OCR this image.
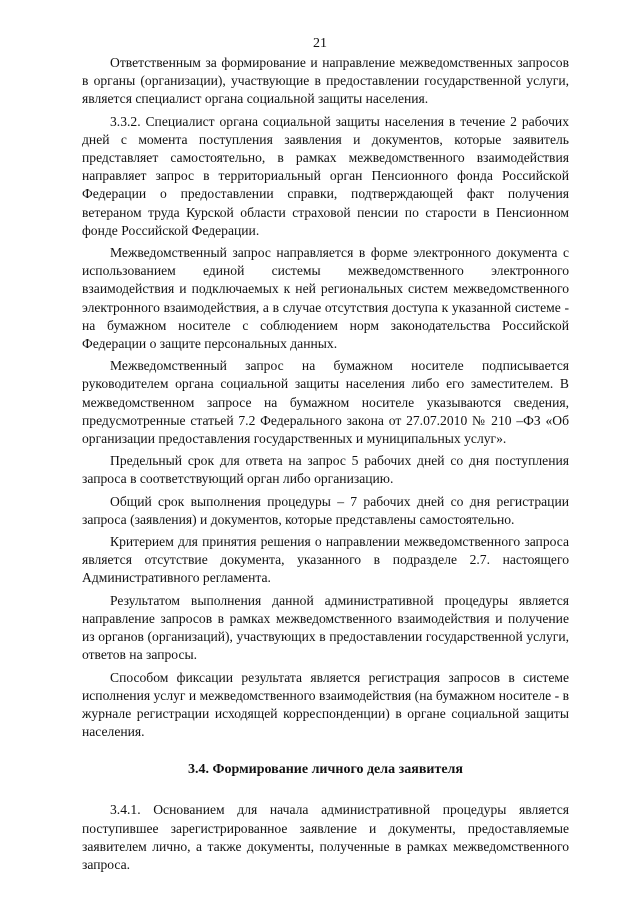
21

Ответственным за формирование и направление межведомственных запросов в органы (организации), участвующие в предоставлении государственной услуги, является специалист органа социальной защиты населения.

3.3.2. Специалист органа социальной защиты населения в течение 2 рабочих дней с момента поступления заявления и документов, которые заявитель представляет самостоятельно, в рамках межведомственного взаимодействия направляет запрос в территориальный орган Пенсионного фонда Российской Федерации о предоставлении справки, подтверждающей факт получения ветераном труда Курской области страховой пенсии по старости в Пенсионном фонде Российской Федерации.

Межведомственный запрос направляется в форме электронного документа с использованием единой системы межведомственного электронного взаимодействия и подключаемых к ней региональных систем межведомственного электронного взаимодействия, а в случае отсутствия доступа к указанной системе - на бумажном носителе с соблюдением норм законодательства Российской Федерации о защите персональных данных.

Межведомственный запрос на бумажном носителе подписывается руководителем органа социальной защиты населения либо его заместителем. В межведомственном запросе на бумажном носителе указываются сведения, предусмотренные статьей 7.2 Федерального закона от 27.07.2010 № 210 –ФЗ «Об организации предоставления государственных и муниципальных услуг».

Предельный срок для ответа на запрос 5 рабочих дней со дня поступления запроса в соответствующий орган либо организацию.

Общий срок выполнения процедуры – 7 рабочих дней со дня регистрации запроса (заявления) и документов, которые представлены самостоятельно.

Критерием для принятия решения о направлении межведомственного запроса является отсутствие документа, указанного в подразделе 2.7. настоящего Административного регламента.

Результатом выполнения данной административной процедуры является направление запросов в рамках межведомственного взаимодействия и получение из органов (организаций), участвующих в предоставлении государственной услуги, ответов на запросы.

Способом фиксации результата является регистрация запросов в системе исполнения услуг и межведомственного взаимодействия (на бумажном носителе - в журнале регистрации исходящей корреспонденции) в органе социальной защиты населения.

3.4. Формирование личного дела заявителя

3.4.1. Основанием для начала административной процедуры является поступившее зарегистрированное заявление и документы, предоставляемые заявителем лично, а также документы, полученные в рамках межведомственного запроса.
